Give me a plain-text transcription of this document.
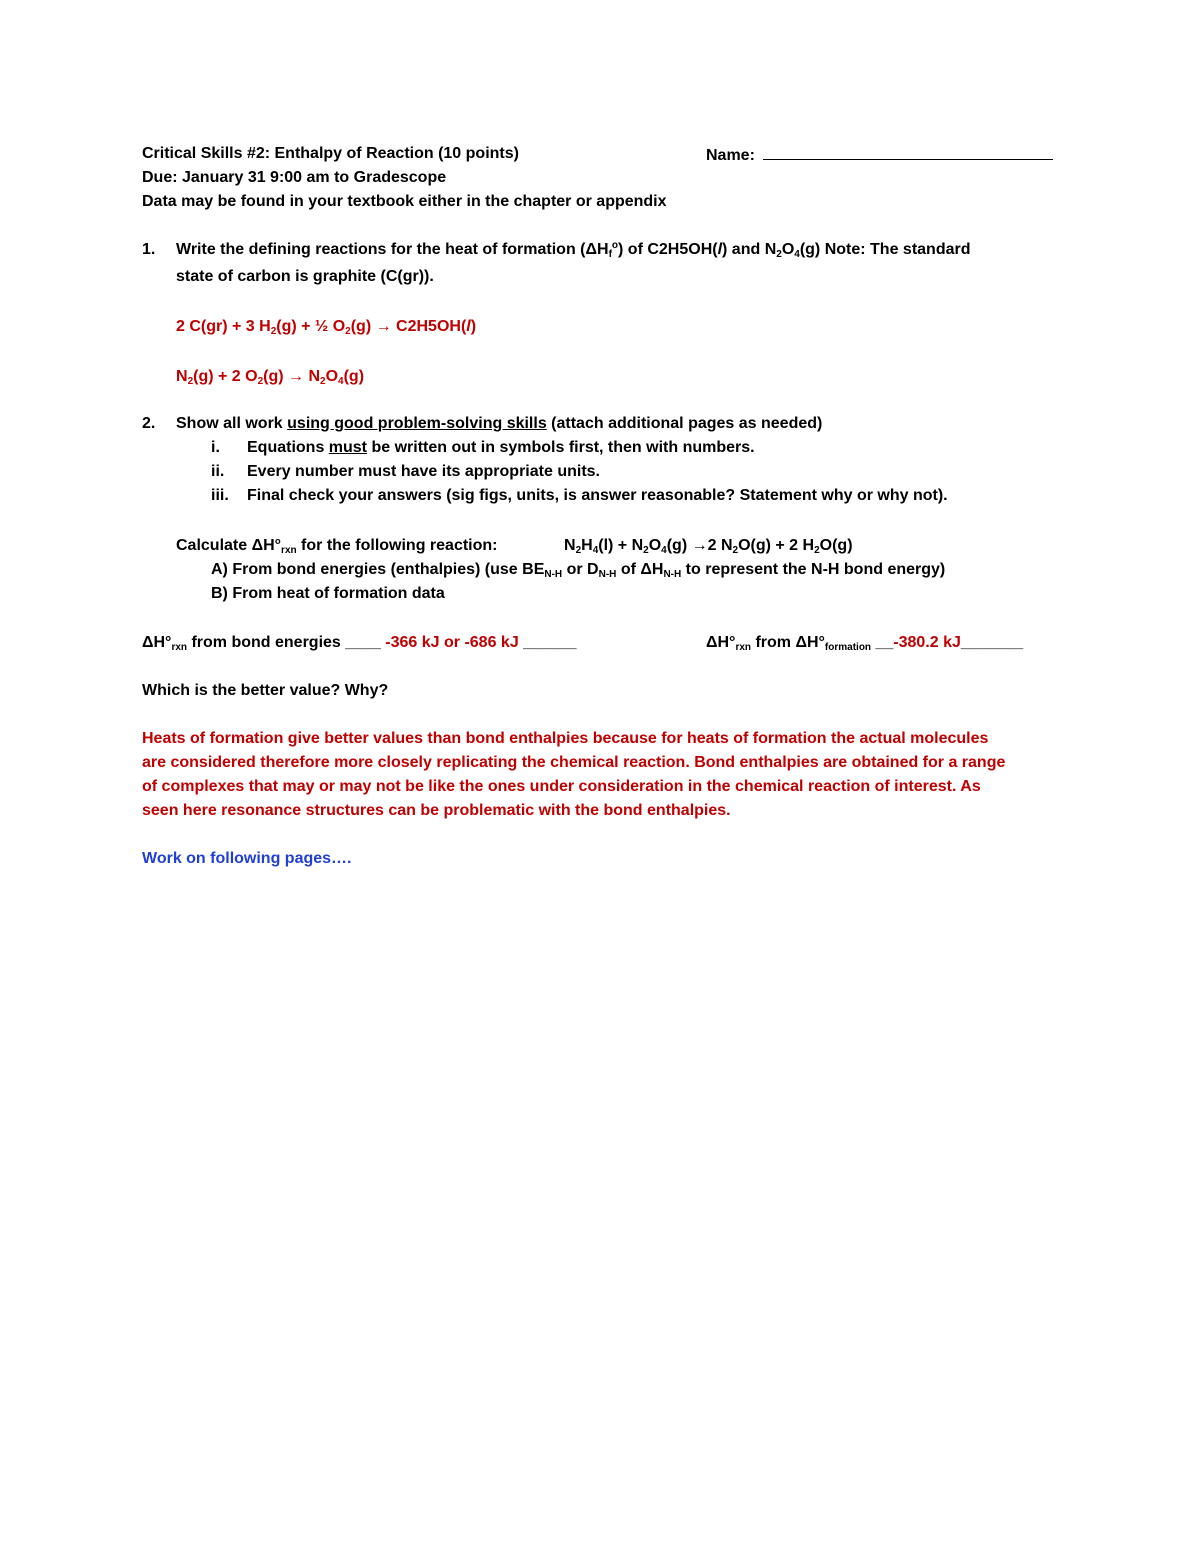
Critical Skills #2: Enthalpy of Reaction (10 points)	Name:
Due: January 31 9:00 am to Gradescope
Data may be found in your textbook either in the chapter or appendix
1. Write the defining reactions for the heat of formation $(\Delta H_f^o)$ of C2H5OH(l) and $N_2O_4(g)$ Note: The standard
state of carbon is graphite (C(gr)).
2 C(gr) + 3 $H_2(g)$ + ½ $O_2(g) \to C2H5OH(l)$
$N_2(g) + 2$ $O_2(g) \to N_2O_4(g)$
2. Show all work using good problem-solving skills (attach additional pages as needed)
i. Equations must be written out in symbols first, then with numbers.
ii. Every number must have its appropriate units.
iii. Final check your answers (sig figs, units, is answer reasonable? Statement why or why not).
Calculate $\Delta H^\circ_{rxn}$ for the following reaction:	$N_2H_4(l) + N_2O_4(g) \to 2$ $N_2O(g) + 2$ $H_2O(g)$
A) From bond energies (enthalpies) (use $BE_{N-H}$ or $D_{N-H}$ of $\Delta H_{N-H}$ to represent the N-H bond energy)
B) From heat of formation data
$\Delta H^\circ_{rxn}$ from bond energies ____ -366 kJ or -686 kJ ______	$\Delta H^\circ_{rxn}$ from $\Delta H^\circ_{formation}$ __-380.2 kJ_______
Which is the better value? Why?
Heats of formation give better values than bond enthalpies because for heats of formation the actual molecules
are considered therefore more closely replicating the chemical reaction. Bond enthalpies are obtained for a range
of complexes that may or may not be like the ones under consideration in the chemical reaction of interest. As
seen here resonance structures can be problematic with the bond enthalpies.
Work on following pages….
